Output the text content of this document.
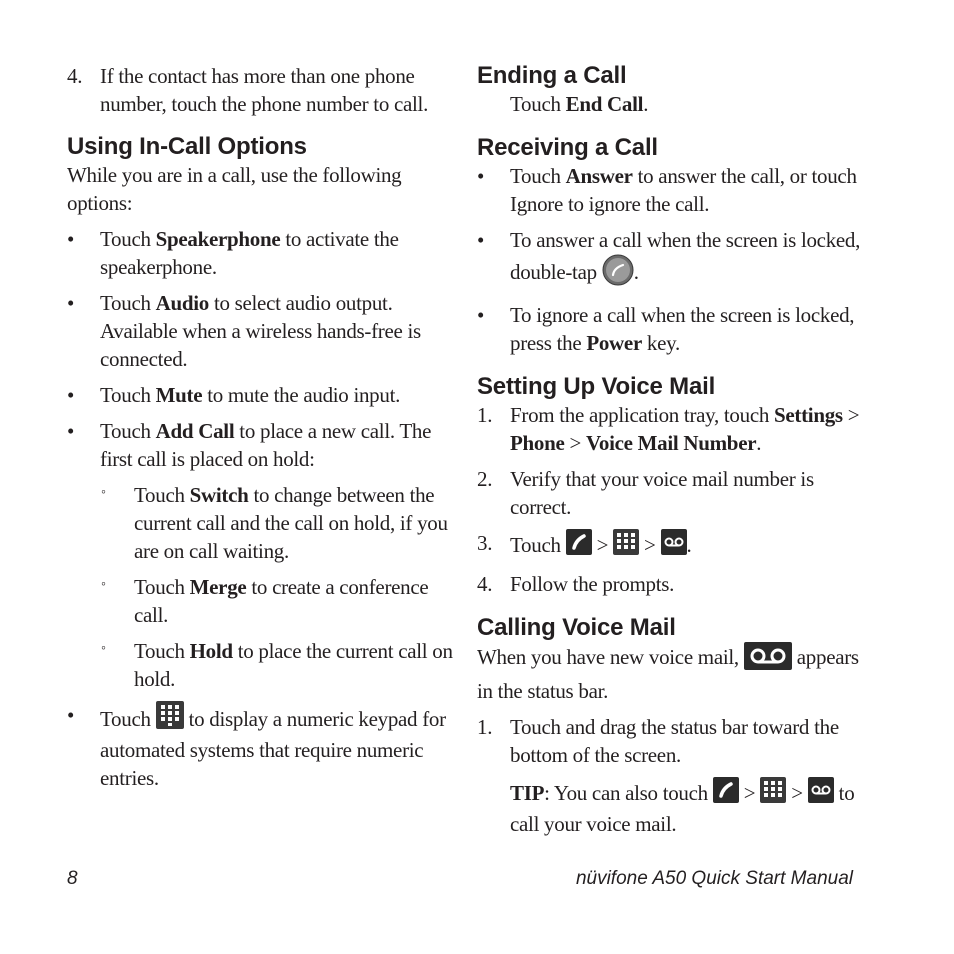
4. If the contact has more than one phone number, touch the phone number to call.
Using In-Call Options

While you are in a call, use the following options:

• Touch Speakerphone to activate the speakerphone.
• Touch Audio to select audio output. Available when a wireless hands-free is connected.
• Touch Mute to mute the audio input.
• Touch Add Call to place a new call. The first call is placed on hold:
◦ Touch Switch to change between the current call and the call on hold, if you are on call waiting.
◦ Touch Merge to create a conference call.
◦ Touch Hold to place the current call on hold.
• Touch  to display a numeric keypad for automated systems that require numeric entries.
Ending a Call
Touch End Call.
Receiving a Call
• Touch Answer to answer the call, or touch Ignore to ignore the call.
• To answer a call when the screen is locked, double-tap .
• To ignore a call when the screen is locked, press the Power key.
Setting Up Voice Mail
1. From the application tray, touch Settings > Phone > Voice Mail Number.
2. Verify that your voice mail number is correct.
3. Touch  >  > .
4. Follow the prompts.
Calling Voice Mail

When you have new voice mail,  appears in the status bar.

1. Touch and drag the status bar toward the bottom of the screen.
TIP: You can also touch  >  >  to call your voice mail.
8	nüvifone A50 Quick Start Manual
